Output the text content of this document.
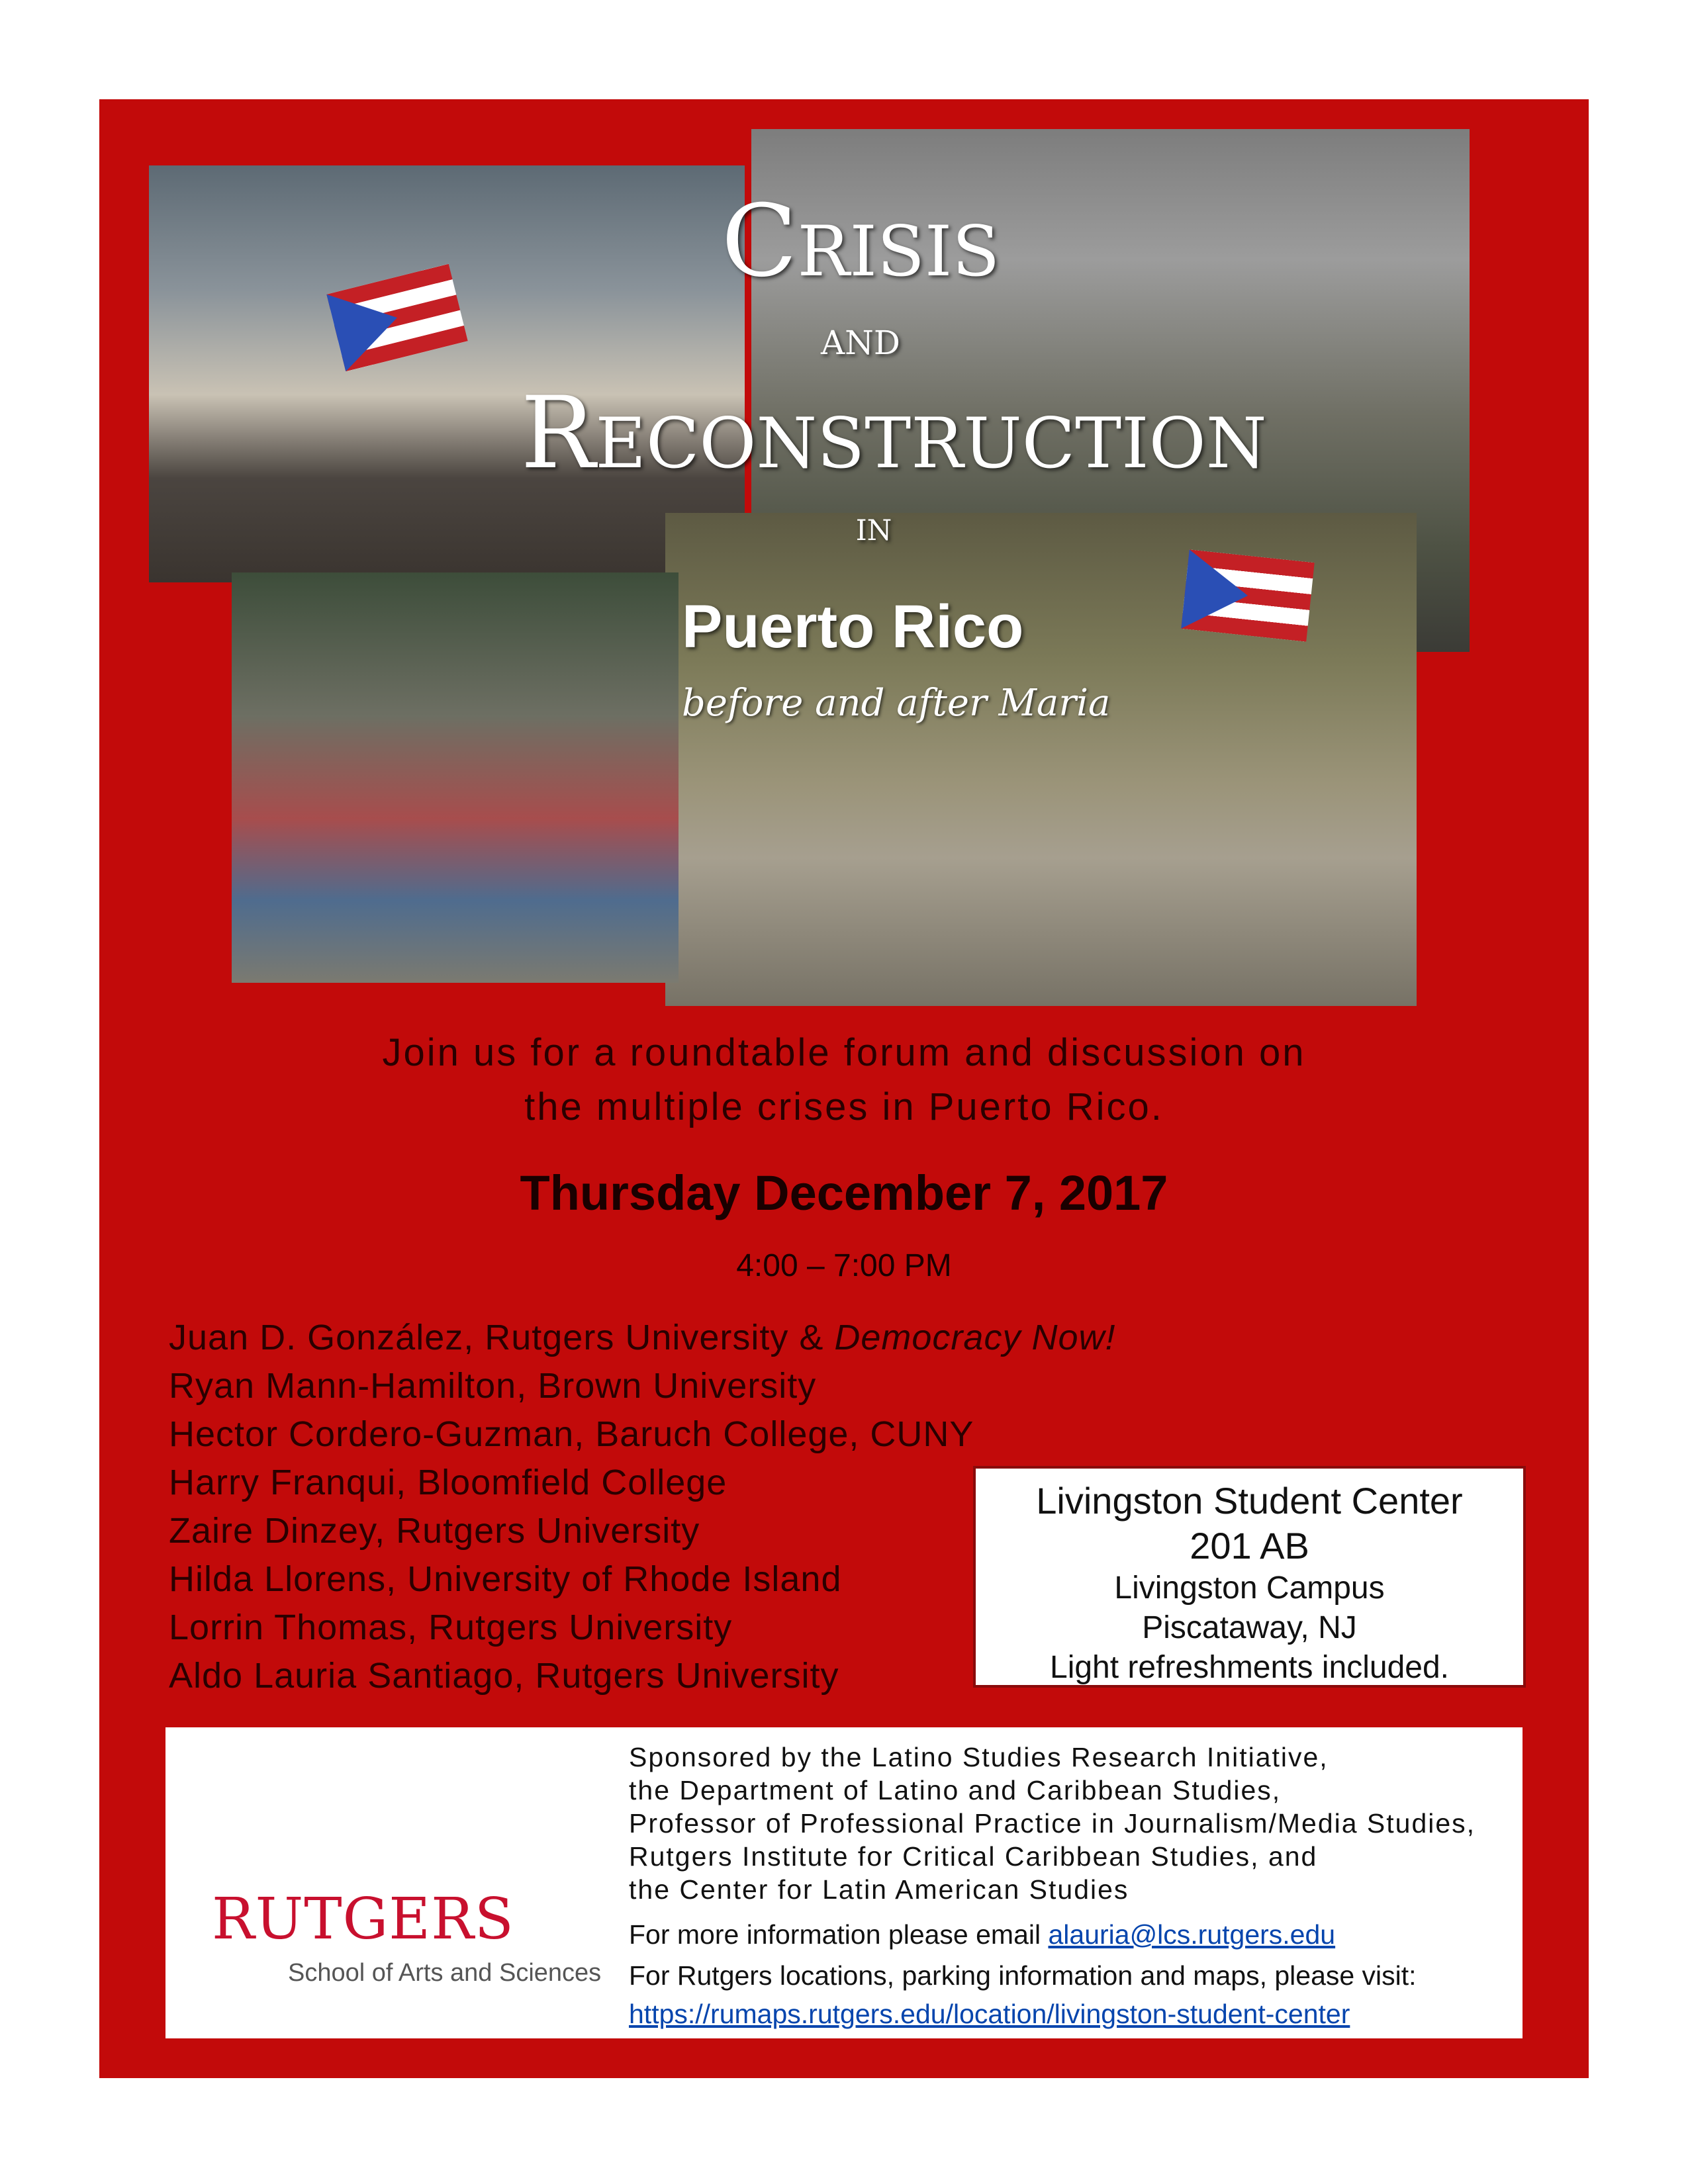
Crisis
and
Reconstruction
in
Puerto Rico
before and after Maria
Join us for a roundtable forum and discussion on
the multiple crises in Puerto Rico.
Thursday December 7, 2017
4:00 – 7:00 PM
Juan D. González, Rutgers University & Democracy Now!
Ryan Mann-Hamilton, Brown University
Hector Cordero-Guzman, Baruch College, CUNY
Harry Franqui, Bloomfield College
Zaire Dinzey, Rutgers University
Hilda Llorens, University of Rhode Island
Lorrin Thomas, Rutgers University
Aldo Lauria Santiago, Rutgers University
Livingston Student Center
201 AB
Livingston Campus
Piscataway, NJ
Light refreshments included.
RUTGERS
School of Arts and Sciences
Sponsored by the Latino Studies Research Initiative,
the Department of Latino and Caribbean Studies,
Professor of Professional Practice in Journalism/Media Studies,
Rutgers Institute for Critical Caribbean Studies, and
the Center for Latin American Studies
For more information please email alauria@lcs.rutgers.edu
For Rutgers locations, parking information and maps, please visit:
https://rumaps.rutgers.edu/location/livingston-student-center
